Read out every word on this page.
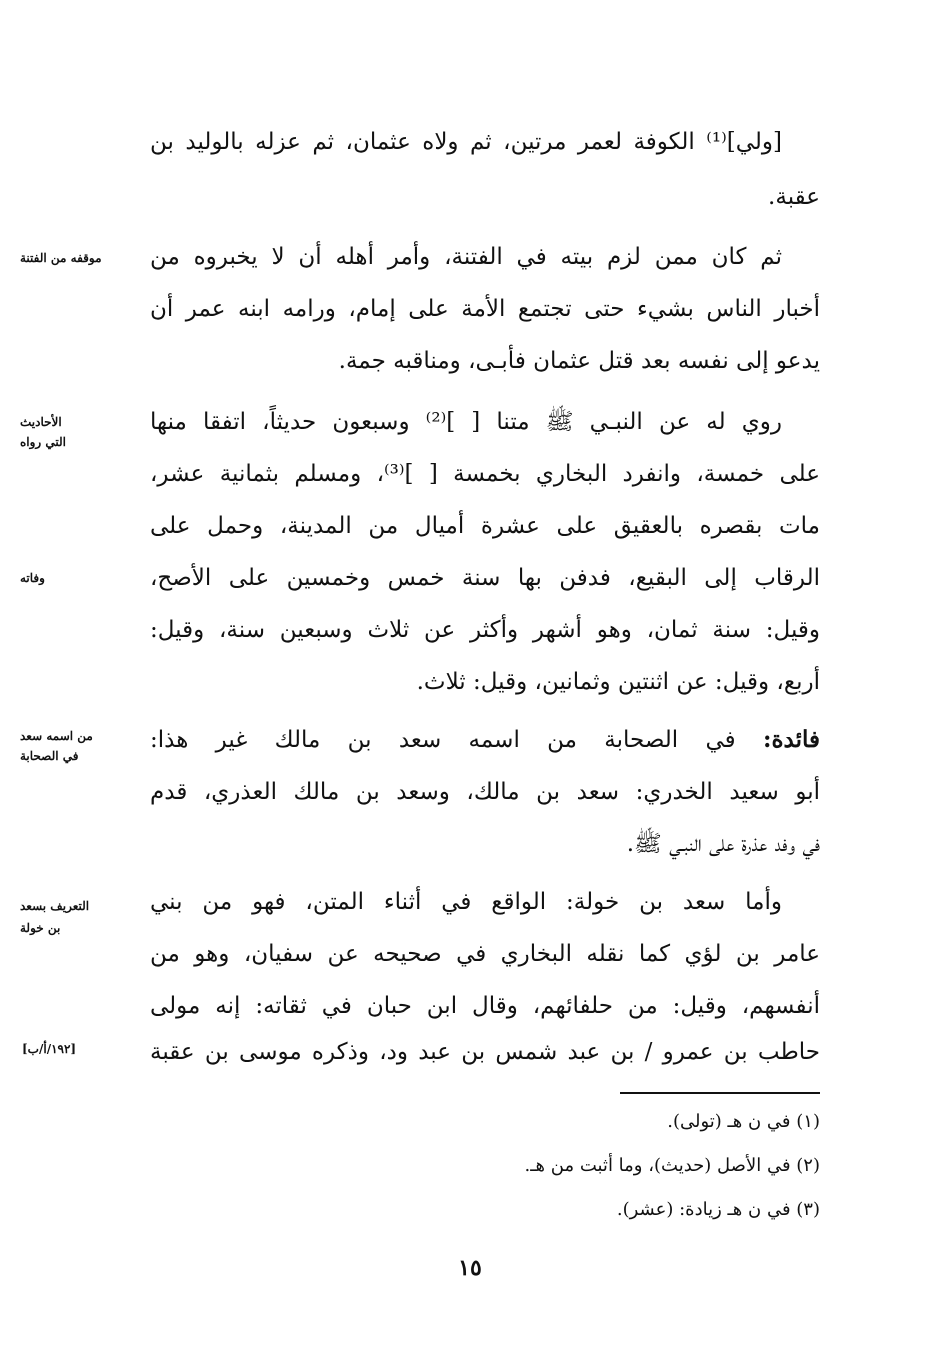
[ولي]⁽¹⁾ الكوفة لعمر مرتين، ثم ولاه عثمان، ثم عزله بالوليد بن
عقبة.
ثم كان ممن لزم بيته في الفتنة، وأمر أهله أن لا يخبروه من
أخبار الناس بشيء حتى تجتمع الأمة على إمام، ورامه ابنه عمر أن
يدعو إلى نفسه بعد قتل عثمان فأبـى، ومناقبه جمة.
روي له عن النبـي ﷺ متنا [ ]⁽²⁾ وسبعون حديثاً، اتفقا منها
على خمسة، وانفرد البخاري بخمسة [ ]⁽³⁾، ومسلم بثمانية عشر،
مات بقصره بالعقيق على عشرة أميال من المدينة، وحمل على
الرقاب إلى البقيع، فدفن بها سنة خمس وخمسين على الأصح،
وقيل: سنة ثمان، وهو أشهر وأكثر عن ثلاث وسبعين سنة، وقيل:
أربع، وقيل: عن اثنتين وثمانين، وقيل: ثلاث.
فائدة: في الصحابة من اسمه سعد بن مالك غير هذا:
أبو سعيد الخدري: سعد بن مالك، وسعد بن مالك العذري، قدم
في وفد عذرة على النبـي ﷺ.
وأما سعد بن خولة: الواقع في أثناء المتن، فهو من بني
عامر بن لؤي كما نقله البخاري في صحيحه عن سفيان، وهو من
أنفسهم، وقيل: من حلفائهم، وقال ابن حبان في ثقاته: إنه مولى
حاطب بن عمرو / بن عبد شمس بن عبد ود، وذكره موسى بن عقبة
موقفه من الفتنة
الأحاديث
التي رواه
وفاته
من اسمه سعد
في الصحابة
التعريف بسعد
بن خولة
[١٩٢/أ/ب]
(١) في ن هـ (تولى).
(٢) في الأصل (حديث)، وما أثبت من هـ.
(٣) في ن هـ زيادة: (عشر).
١٥
